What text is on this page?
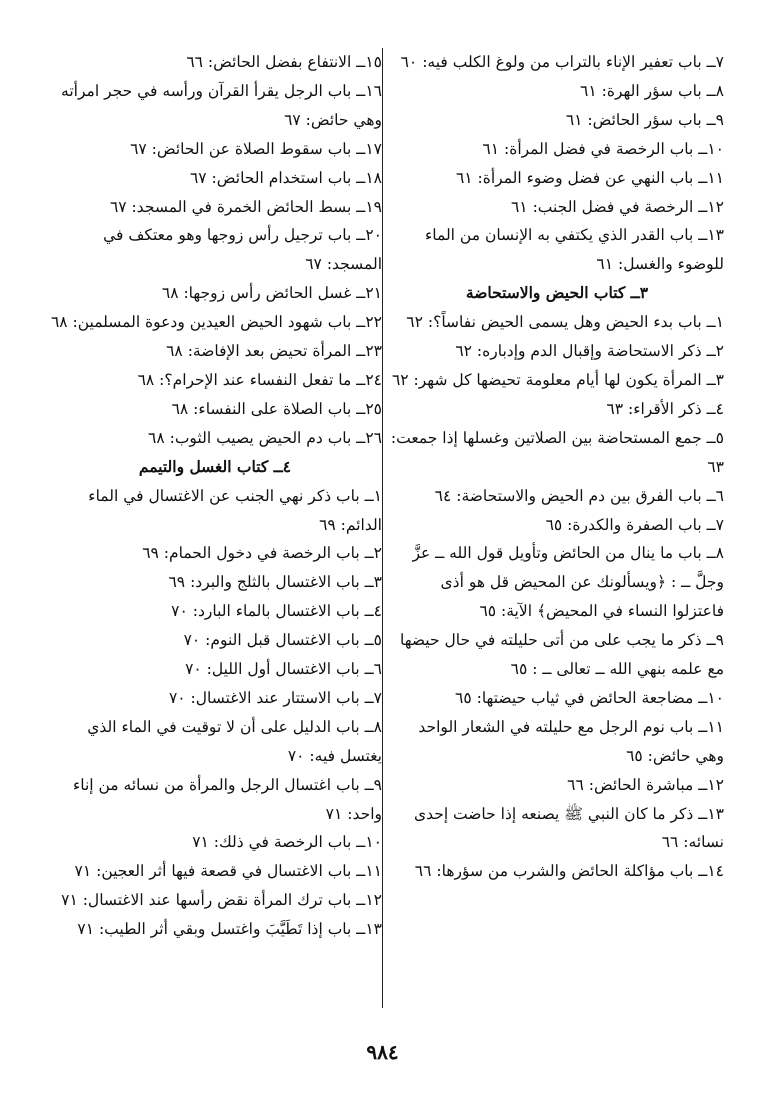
٧ــ باب تعفير الإناء بالتراب من ولوغ الكلب فيه: ٦٠

٨ــ باب سؤر الهرة: ٦١

٩ــ باب سؤر الحائض: ٦١

١٠ــ باب الرخصة في فضل المرأة: ٦١

١١ــ باب النهي عن فضل وضوء المرأة: ٦١

١٢ــ الرخصة في فضل الجنب: ٦١

١٣ــ باب القدر الذي يكتفي به الإنسان من الماء للوضوء والغسل: ٦١

٣ــ كتاب الحيض والاستحاضة

١ــ باب بدء الحيض وهل يسمى الحيض نفاساً؟: ٦٢

٢ــ ذكر الاستحاضة وإقبال الدم وإدباره: ٦٢

٣ــ المرأة يكون لها أيام معلومة تحيضها كل شهر: ٦٢

٤ــ ذكر الأقراء: ٦٣

٥ــ جمع المستحاضة بين الصلاتين وغسلها إذا جمعت: ٦٣

٦ــ باب الفرق بين دم الحيض والاستحاضة: ٦٤

٧ــ باب الصفرة والكدرة: ٦٥

٨ــ باب ما ينال من الحائض وتأويل قول الله ــ عزَّ وجلَّ ــ : ﴿ويسألونك عن المحيض قل هو أذى فاعتزلوا النساء في المحيض﴾ الآية: ٦٥

٩ــ ذكر ما يجب على من أتى حليلته في حال حيضها مع علمه بنهي الله ــ تعالى ــ : ٦٥

١٠ــ مضاجعة الحائض في ثياب حيضتها: ٦٥

١١ــ باب نوم الرجل مع حليلته في الشعار الواحد وهي حائض: ٦٥

١٢ــ مباشرة الحائض: ٦٦

١٣ــ ذكر ما كان النبي ﷺ يصنعه إذا حاضت إحدى نسائه: ٦٦

١٤ــ باب مؤاكلة الحائض والشرب من سؤرها: ٦٦

١٥ــ الانتفاع بفضل الحائض: ٦٦

١٦ــ باب الرجل يقرأ القرآن ورأسه في حجر امرأته وهي حائض: ٦٧

١٧ــ باب سقوط الصلاة عن الحائض: ٦٧

١٨ــ باب استخدام الحائض: ٦٧

١٩ــ بسط الحائض الخمرة في المسجد: ٦٧

٢٠ــ باب ترجيل رأس زوجها وهو معتكف في المسجد: ٦٧

٢١ــ غسل الحائض رأس زوجها: ٦٨

٢٢ــ باب شهود الحيض العيدين ودعوة المسلمين: ٦٨

٢٣ــ المرأة تحيض بعد الإفاضة: ٦٨

٢٤ــ ما تفعل النفساء عند الإحرام؟: ٦٨

٢٥ــ باب الصلاة على النفساء: ٦٨

٢٦ــ باب دم الحيض يصيب الثوب: ٦٨

٤ــ كتاب الغسل والتيمم

١ــ باب ذكر نهي الجنب عن الاغتسال في الماء الدائم: ٦٩

٢ــ باب الرخصة في دخول الحمام: ٦٩

٣ــ باب الاغتسال بالثلج والبرد: ٦٩

٤ــ باب الاغتسال بالماء البارد: ٧٠

٥ــ باب الاغتسال قبل النوم: ٧٠

٦ــ باب الاغتسال أول الليل: ٧٠

٧ــ باب الاستتار عند الاغتسال: ٧٠

٨ــ باب الدليل على أن لا توقيت في الماء الذي يغتسل فيه: ٧٠

٩ــ باب اغتسال الرجل والمرأة من نسائه من إناء واحد: ٧١

١٠ــ باب الرخصة في ذلك: ٧١

١١ــ باب الاغتسال في قصعة فيها أثر العجين: ٧١

١٢ــ باب ترك المرأة نقض رأسها عند الاغتسال: ٧١

١٣ــ باب إذا تَطَيَّبَ واغتسل وبقي أثر الطيب: ٧١

٩٨٤
